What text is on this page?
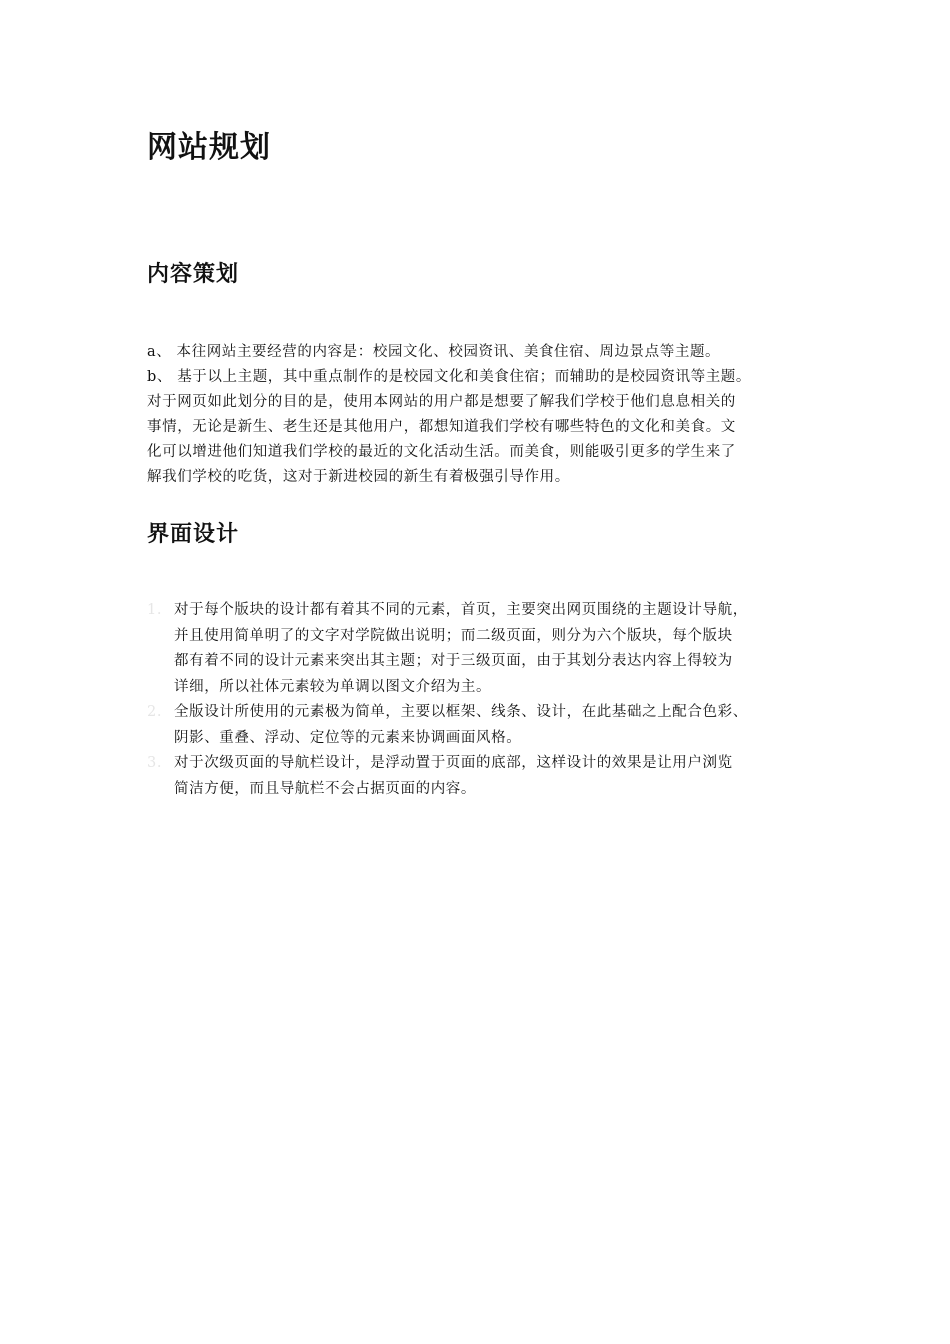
网站规划
内容策划
a、 本往网站主要经营的内容是：校园文化、校园资讯、美食住宿、周边景点等主题。
b、 基于以上主题，其中重点制作的是校园文化和美食住宿；而辅助的是校园资讯等主题。
对于网页如此划分的目的是，使用本网站的用户都是想要了解我们学校于他们息息相关的
事情，无论是新生、老生还是其他用户，都想知道我们学校有哪些特色的文化和美食。文
化可以增进他们知道我们学校的最近的文化活动生活。而美食，则能吸引更多的学生来了
解我们学校的吃货，这对于新进校园的新生有着极强引导作用。
界面设计
1. 对于每个版块的设计都有着其不同的元素，首页，主要突出网页围绕的主题设计导航，
并且使用简单明了的文字对学院做出说明；而二级页面，则分为六个版块，每个版块
都有着不同的设计元素来突出其主题；对于三级页面，由于其划分表达内容上得较为
详细，所以社体元素较为单调以图文介绍为主。
2. 全版设计所使用的元素极为简单，主要以框架、线条、设计，在此基础之上配合色彩、
阴影、重叠、浮动、定位等的元素来协调画面风格。
3. 对于次级页面的导航栏设计，是浮动置于页面的底部，这样设计的效果是让用户浏览
简洁方便，而且导航栏不会占据页面的内容。
